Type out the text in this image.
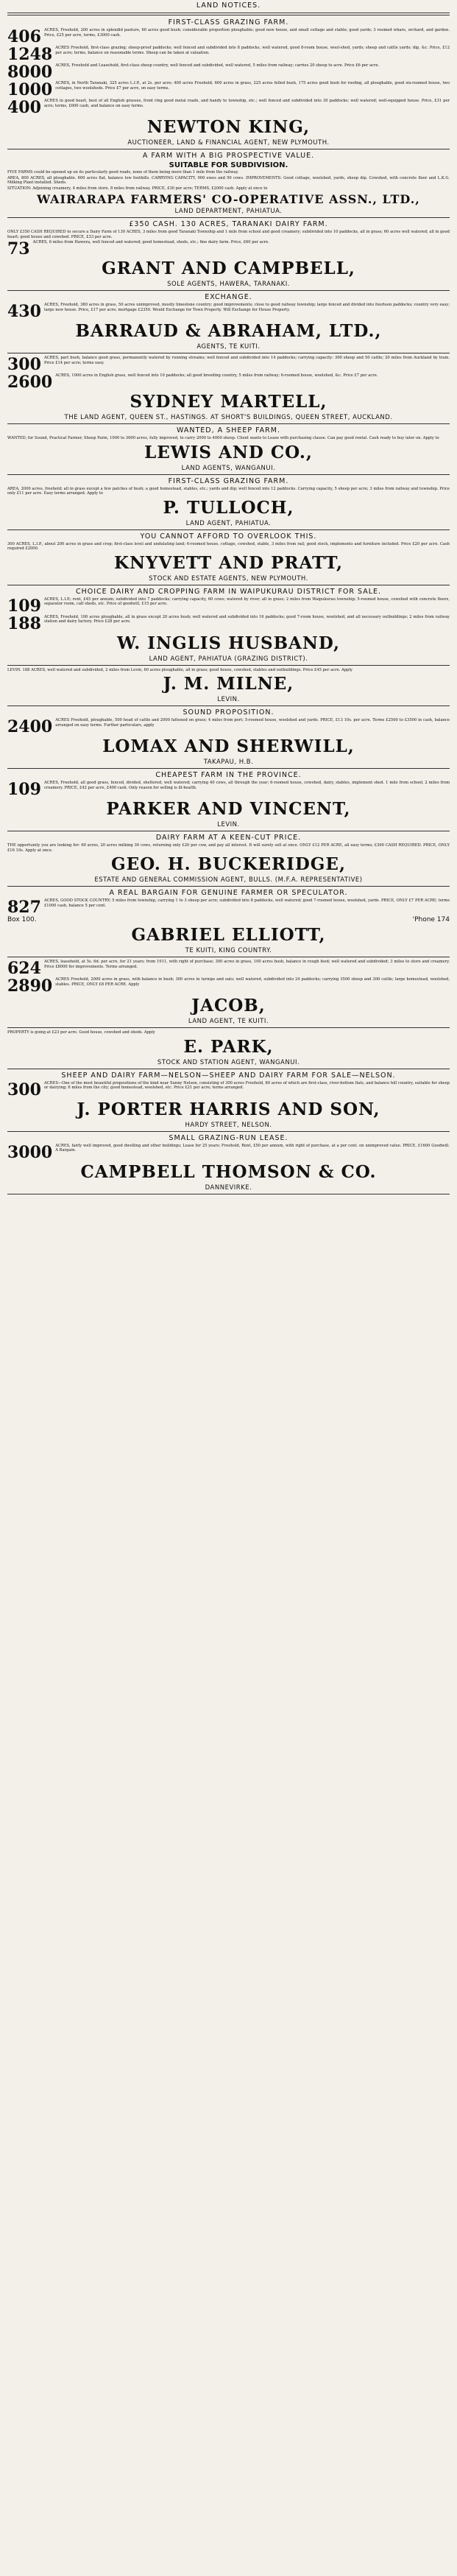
LAND NOTICES.
FIRST-CLASS GRAZING FARM.
406 ACRES, Freehold, 200 acres in splendid pasture, 60 acres good bush; considerable proportion ploughable; good new house, and small cottage and stable; good yards; 3 roomed whare, orchard, and garden. Price, £25 per acre, terms, £3000 cash.
1248 ACRES Freehold, first-class grazing; sheep-proof paddocks; well fenced and subdivided into 8 paddocks, well watered, good 8-room house, wool-shed, yards; sheep and cattle yards; dip, &c. Price, £12 per acre; terms, balance on reasonable terms. Sheep can be taken at valuation.
8000 ACRES, Freehold and Leasehold, first-class sheep country, well fenced and subdivided, well watered, 5 miles from railway; carries 20 sheep to acre. Price £6 per acre.
1000 ACRES, in North Taranaki, 325 acres L.I.P., at 2s. per acre; 400 acres Freehold, 600 acres in grass, 225 acres felled bush, 175 acres good bush for roofing, all ploughable, good six-roomed house, two cottages, two woolsheds. Price £7 per acre, on easy terms.
400 ACRES in good heart, best of all English grasses, front ring good metal roads, and handy to township, etc.; well fenced and subdivided into 30 paddocks; well watered; well-equipped house. Price, £31 per acre; terms, £600 cash, and balance on easy terms.
NEWTON KING,
AUCTIONEER, LAND & FINANCIAL AGENT, NEW PLYMOUTH.
A FARM WITH A BIG PROSPECTIVE VALUE.
SUITABLE FOR SUBDIVISION.
FIVE FARMS could be opened up on its particularly good roads, none of them being more than 1 mile from the railway.
AREA, 800 ACRES, all ploughable. 600 acres flat, balance low foothills. CARRYING CAPACITY, 900 ewes and 50 cows. IMPROVEMENTS: Good cottage, woolshed, yards, sheep dip. Cowshed, with concrete floor and L.K.G. Milking Plant installed. Sheds.
SITUATION: Adjoining creamery, 4 miles from store, 8 miles from railway. PRICE, £30 per acre; TERMS, £2000 cash. Apply at once to
WAIRARAPA FARMERS' CO-OPERATIVE ASSN., LTD.,
LAND DEPARTMENT, PAHIATUA.
£350 CASH. 130 ACRES, TARANAKI DAIRY FARM.
ONLY £350 CASH REQUIRED to secure a Dairy Farm of 130 ACRES, 3 miles from good Taranaki Township and 1 mile from school and good creamery; subdivided into 10 paddocks, all in grass; 60 acres well watered; all in good heart; good house and cowshed. PRICE, £33 per acre.
73 ACRES, 6 miles from Hawera, well fenced and watered; good homestead, sheds, etc.; fine dairy farm. Price, £60 per acre.
GRANT AND CAMPBELL,
SOLE AGENTS, HAWERA, TARANAKI.
EXCHANGE.
430 ACRES, Freehold, 380 acres in grass, 50 acres unimproved, mostly limestone country; good improvements; close to good railway township; large fenced and divided into fourteen paddocks; country very easy; large new house. Price, £17 per acre; mortgage £2350. Would Exchange for Town Property. Will Exchange for House Property.
BARRAUD & ABRAHAM, LTD.,
AGENTS, TE KUITI.
300 ACRES, part bush, balance good grass, permanently watered by running streams; well fenced and subdivided into 14 paddocks; carrying capacity: 300 sheep and 50 cattle; 20 miles from Auckland by train. Price £14 per acre; terms easy.
2600 ACRES, 1000 acres in English grass, well fenced into 10 paddocks; all good breeding country, 5 miles from railway; 6-roomed house, woolshed, &c. Price £7 per acre.
SYDNEY MARTELL,
THE LAND AGENT, QUEEN ST., HASTINGS. AT SHORT'S BUILDINGS, QUEEN STREET, AUCKLAND.
WANTED, A SHEEP FARM.
WANTED, for Sound, Practical Farmer, Sheep Farm, 1000 to 3000 acres, fully improved, to carry 2000 to 4000 sheep. Client wants to Lease with purchasing clause. Can pay good rental. Cash ready to buy later on. Apply to
LEWIS AND CO.,
LAND AGENTS, WANGANUI.
FIRST-CLASS GRAZING FARM.
AREA, 2000 acres, freehold; all in grass except a few patches of bush; a good homestead, stables, etc.; yards and dip; well fenced into 12 paddocks. Carrying capacity, 5 sheep per acre; 3 miles from railway and township. Price only £11 per acre. Easy terms arranged. Apply to
P. TULLOCH,
LAND AGENT, PAHIATUA.
YOU CANNOT AFFORD TO OVERLOOK THIS.
300 ACRES, L.I.P., about 200 acres in grass and crop; first-class level and undulating land; 6-roomed house, cottage, cowshed, stable, 3 miles from rail; good stock, implements and furniture included. Price £20 per acre. Cash required £2000.
KNYVETT AND PRATT,
STOCK AND ESTATE AGENTS, NEW PLYMOUTH.
CHOICE DAIRY AND CROPPING FARM IN WAIPUKURAU DISTRICT FOR SALE.
109 ACRES, L.I.P.; rent, £45 per annum; subdivided into 7 paddocks; carrying capacity, 60 cows; watered by river; all in grass; 2 miles from Waipukurau township; 5-roomed house, cowshed with concrete floors, separator room, calf sheds, etc. Price of goodwill, £15 per acre.
188 ACRES, Freehold, 100 acres ploughable, all in grass except 20 acres bush; well watered and subdivided into 16 paddocks; good 7-room house, woolshed, and all necessary outbuildings; 2 miles from railway station and dairy factory. Price £28 per acre.
W. INGLIS HUSBAND,
LAND AGENT, PAHIATUA (GRAZING DISTRICT).
LEVIN. 188 ACRES, well watered and subdivided, 2 miles from Levin, 60 acres ploughable, all in grass; good house, cowshed, stables and outbuildings. Price £45 per acre. Apply
J. M. MILNE,
LEVIN.
SOUND PROPOSITION.
2400 ACRES Freehold, ploughable, 500 head of cattle and 2000 fattened on grass; 4 miles from port; 5-roomed house, woolshed and yards. PRICE, £13 10s. per acre. Terms £2500 to £3500 in cash, balance arranged on easy terms. Further particulars, apply
LOMAX AND SHERWILL,
TAKAPAU, H.B.
CHEAPEST FARM IN THE PROVINCE.
109 ACRES, Freehold, all good grass, fenced, divided, sheltered, well watered; carrying 40 cows, all through the year; 6-roomed house, cowshed, dairy, stables, implement shed. 1 mile from school; 2 miles from creamery. PRICE, £42 per acre, £400 cash. Only reason for selling is ill-health.
PARKER AND VINCENT,
LEVIN.
DAIRY FARM AT A KEEN-CUT PRICE.
THE opportunity you are looking for: 60 acres, 20 acres milking 30 cows, returning only £20 per cow, and pay all interest. It will surely sell at once. ONLY £12 PER ACRE, all easy terms; £300 CASH REQUIRED. PRICE, ONLY £16 10s. Apply at once.
GEO. H. BUCKERIDGE,
ESTATE AND GENERAL COMMISSION AGENT, BULLS. (M.F.A. REPRESENTATIVE)
A REAL BARGAIN FOR GENUINE FARMER OR SPECULATOR.
827 ACRES, GOOD STOCK COUNTRY; 5 miles from township, carrying 1 to 3 sheep per acre; subdivided into 8 paddocks, well watered; good 7-roomed house, woolshed, yards. PRICE, ONLY £7 PER ACRE; terms £1000 cash, balance 5 per cent.
Box 100.	'Phone 174
GABRIEL ELLIOTT,
TE KUITI, KING COUNTRY.
624 ACRES, leasehold, at 5s. 6d. per acre, for 21 years; from 1911, with right of purchase; 300 acres in grass, 100 acres bush, balance in rough feed; well watered and subdivided; 3 miles to store and creamery. Price £8000 for improvements. Terms arranged.
2890 ACRES Freehold, 2000 acres in grass, with balance in bush; 300 acres in turnips and oats; well watered, subdivided into 24 paddocks; carrying 3500 sheep and 300 cattle; large homestead, woolshed, stables. PRICE, ONLY £8 PER ACRE. Apply
JACOB,
LAND AGENT, TE KUITI.
PROPERTY is going at £23 per acre. Good house, cowshed and sheds. Apply
E. PARK,
STOCK AND STATION AGENT, WANGANUI.
SHEEP AND DAIRY FARM—NELSON—SHEEP AND DAIRY FARM FOR SALE—NELSON.
300 ACRES—One of the most beautiful propositions of the kind near Sunny Nelson, consisting of 300 acres Freehold, 80 acres of which are first-class, river-bottom flats, and balance hill country, suitable for sheep or dairying; 6 miles from the city; good homestead, woolshed, etc. Price £21 per acre; terms arranged.
J. PORTER HARRIS AND SON,
HARDY STREET, NELSON.
SMALL GRAZING-RUN LEASE.
3000 ACRES, fairly well improved, good dwelling and other buildings; Lease for 25 years; Freehold, Rent, £50 per annum, with right of purchase, at a per cent. on unimproved value. PRICE, £1600 Goodwill. A Bargain.
CAMPBELL THOMSON & CO.
DANNEVIRKE.
